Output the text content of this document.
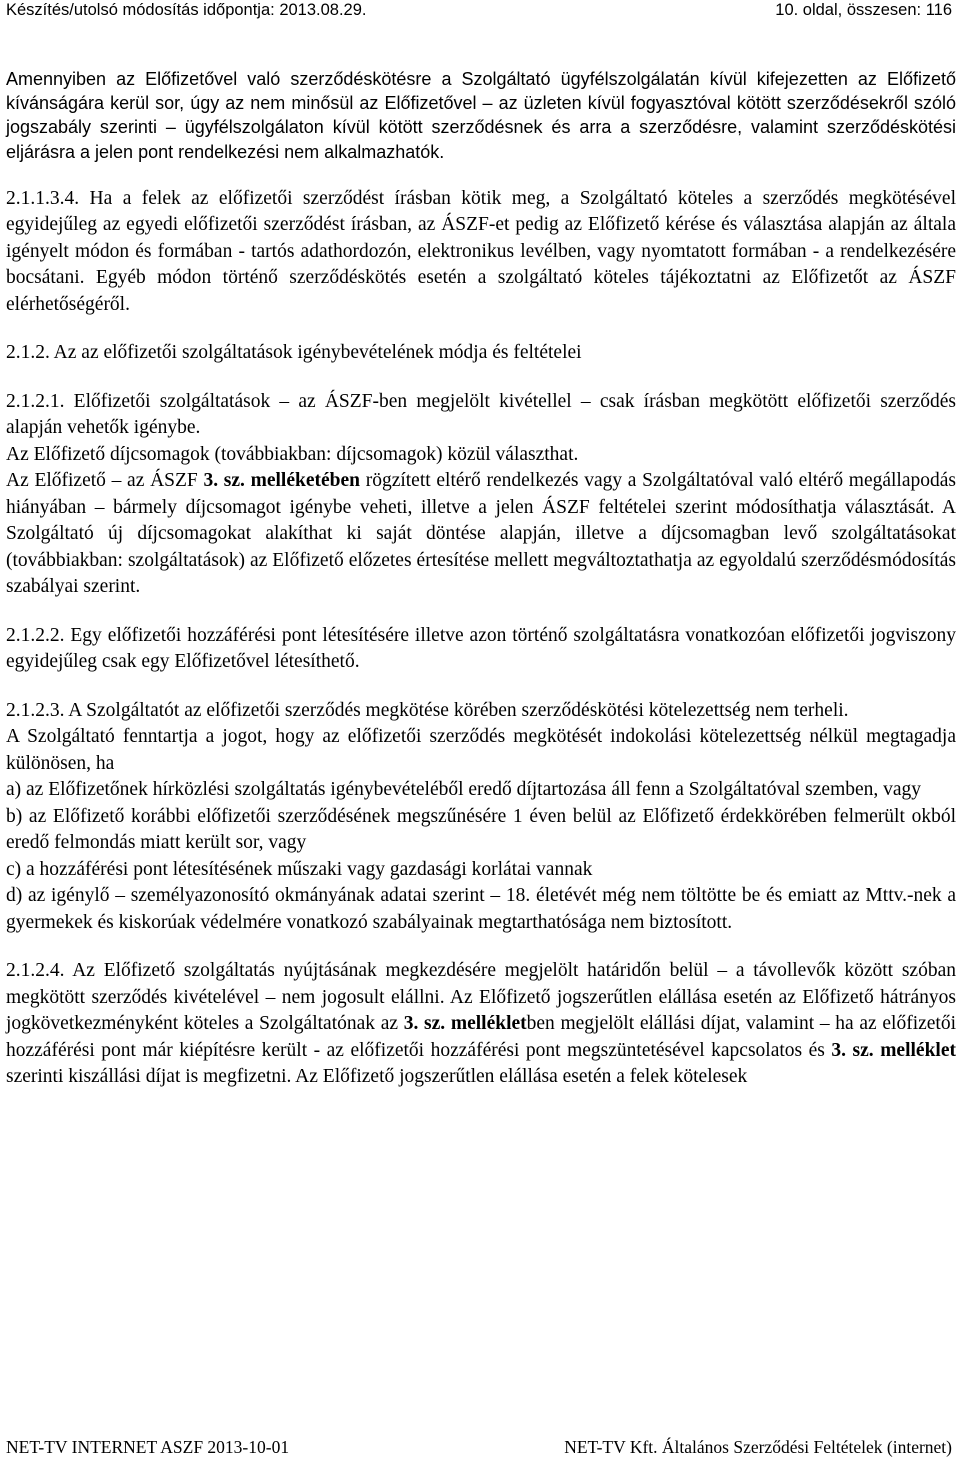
Készítés/utolsó módosítás időpontja: 2013.08.29.	10. oldal, összesen: 116

Amennyiben az Előfizetővel való szerződéskötésre a Szolgáltató ügyfélszolgálatán kívül kifejezetten az Előfizető kívánságára kerül sor, úgy az nem minősül az Előfizetővel – az üzleten kívül fogyasztóval kötött szerződésekről szóló jogszabály szerinti – ügyfélszolgálaton kívül kötött szerződésnek és arra a szerződésre, valamint szerződéskötési eljárásra a jelen pont rendelkezési nem alkalmazhatók.

2.1.1.3.4. Ha a felek az előfizetői szerződést írásban kötik meg, a Szolgáltató köteles a szerződés megkötésével egyidejűleg az egyedi előfizetői szerződést írásban, az ÁSZF-et pedig az Előfizető kérése és választása alapján az általa igényelt módon és formában - tartós adathordozón, elektronikus levélben, vagy nyomtatott formában - a rendelkezésére bocsátani. Egyéb módon történő szerződéskötés esetén a szolgáltató köteles tájékoztatni az Előfizetőt az ÁSZF elérhetőségéről.

2.1.2. Az az előfizetői szolgáltatások igénybevételének módja és feltételei

2.1.2.1. Előfizetői szolgáltatások – az ÁSZF-ben megjelölt kivétellel – csak írásban megkötött előfizetői szerződés alapján vehetők igénybe.

Az Előfizető díjcsomagok (továbbiakban: díjcsomagok) közül választhat.

Az Előfizető – az ÁSZF 3. sz. melléketében rögzített eltérő rendelkezés vagy a Szolgáltatóval való eltérő megállapodás hiányában – bármely díjcsomagot igénybe veheti, illetve a jelen ÁSZF feltételei szerint módosíthatja választását. A Szolgáltató új díjcsomagokat alakíthat ki saját döntése alapján, illetve a díjcsomagban levő szolgáltatásokat (továbbiakban: szolgáltatások) az Előfizető előzetes értesítése mellett megváltoztathatja az egyoldalú szerződésmódosítás szabályai szerint.

2.1.2.2. Egy előfizetői hozzáférési pont létesítésére illetve azon történő szolgáltatásra vonatkozóan előfizetői jogviszony egyidejűleg csak egy Előfizetővel létesíthető.

2.1.2.3. A Szolgáltatót az előfizetői szerződés megkötése körében szerződéskötési kötelezettség nem terheli.

A Szolgáltató fenntartja a jogot, hogy az előfizetői szerződés megkötését indokolási kötelezettség nélkül megtagadja különösen, ha

a) az Előfizetőnek hírközlési szolgáltatás igénybevételéből eredő díjtartozása áll fenn a Szolgáltatóval szemben, vagy

b) az Előfizető korábbi előfizetői szerződésének megszűnésére 1 éven belül az Előfizető érdekkörében felmerült okból eredő felmondás miatt került sor, vagy

c) a hozzáférési pont létesítésének műszaki vagy gazdasági korlátai vannak

d) az igénylő – személyazonosító okmányának adatai szerint – 18. életévét még nem töltötte be és emiatt az Mttv.-nek a gyermekek és kiskorúak védelmére vonatkozó szabályainak megtarthatósága nem biztosított.

2.1.2.4. Az Előfizető szolgáltatás nyújtásának megkezdésére megjelölt határidőn belül – a távollevők között szóban megkötött szerződés kivételével – nem jogosult elállni. Az Előfizető jogszerűtlen elállása esetén az Előfizető hátrányos jogkövetkezményként köteles a Szolgáltatónak az 3. sz. mellékletben megjelölt elállási díjat, valamint – ha az előfizetői hozzáférési pont már kiépítésre került - az előfizetői hozzáférési pont megszüntetésével kapcsolatos és 3. sz. melléklet szerinti kiszállási díjat is megfizetni. Az Előfizető jogszerűtlen elállása esetén a felek kötelesek

NET-TV INTERNET ASZF 2013-10-01	NET-TV Kft. Általános Szerződési Feltételek (internet)
